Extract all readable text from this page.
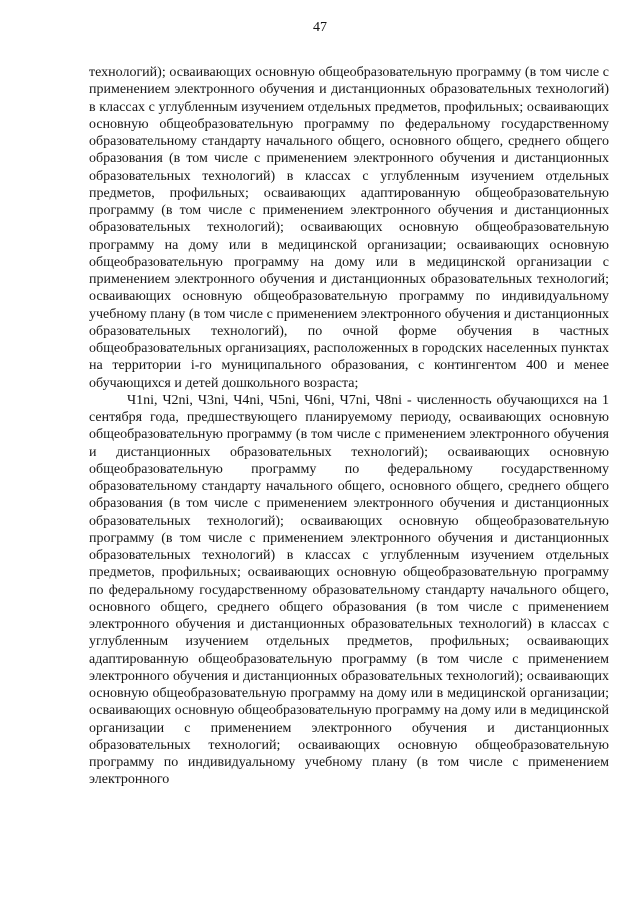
47

технологий); осваивающих основную общеобразовательную программу (в том числе с применением электронного обучения и дистанционных образовательных технологий) в классах с углубленным изучением отдельных предметов, профильных; осваивающих основную общеобразовательную программу по федеральному государственному образовательному стандарту начального общего, основного общего, среднего общего образования (в том числе с применением электронного обучения и дистанционных образовательных технологий) в классах с углубленным изучением отдельных предметов, профильных; осваивающих адаптированную общеобразовательную программу (в том числе с применением электронного обучения и дистанционных образовательных технологий); осваивающих основную общеобразовательную программу на дому или в медицинской организации; осваивающих основную общеобразовательную программу на дому или в медицинской организации с применением электронного обучения и дистанционных образовательных технологий; осваивающих основную общеобразовательную программу по индивидуальному учебному плану (в том числе с применением электронного обучения и дистанционных образовательных технологий), по очной форме обучения в частных общеобразовательных организациях, расположенных в городских населенных пунктах на территории i-го муниципального образования, с контингентом 400 и менее обучающихся и детей дошкольного возраста;

Ч1ni, Ч2ni, Ч3ni, Ч4ni, Ч5ni, Ч6ni, Ч7ni, Ч8ni - численность обучающихся на 1 сентября года, предшествующего планируемому периоду, осваивающих основную общеобразовательную программу (в том числе с применением электронного обучения и дистанционных образовательных технологий); осваивающих основную общеобразовательную программу по федеральному государственному образовательному стандарту начального общего, основного общего, среднего общего образования (в том числе с применением электронного обучения и дистанционных образовательных технологий); осваивающих основную общеобразовательную программу (в том числе с применением электронного обучения и дистанционных образовательных технологий) в классах с углубленным изучением отдельных предметов, профильных; осваивающих основную общеобразовательную программу по федеральному государственному образовательному стандарту начального общего, основного общего, среднего общего образования (в том числе с применением электронного обучения и дистанционных образовательных технологий) в классах с углубленным изучением отдельных предметов, профильных; осваивающих адаптированную общеобразовательную программу (в том числе с применением электронного обучения и дистанционных образовательных технологий); осваивающих основную общеобразовательную программу на дому или в медицинской организации; осваивающих основную общеобразовательную программу на дому или в медицинской организации с применением электронного обучения и дистанционных образовательных технологий; осваивающих основную общеобразовательную программу по индивидуальному учебному плану (в том числе с применением электронного
